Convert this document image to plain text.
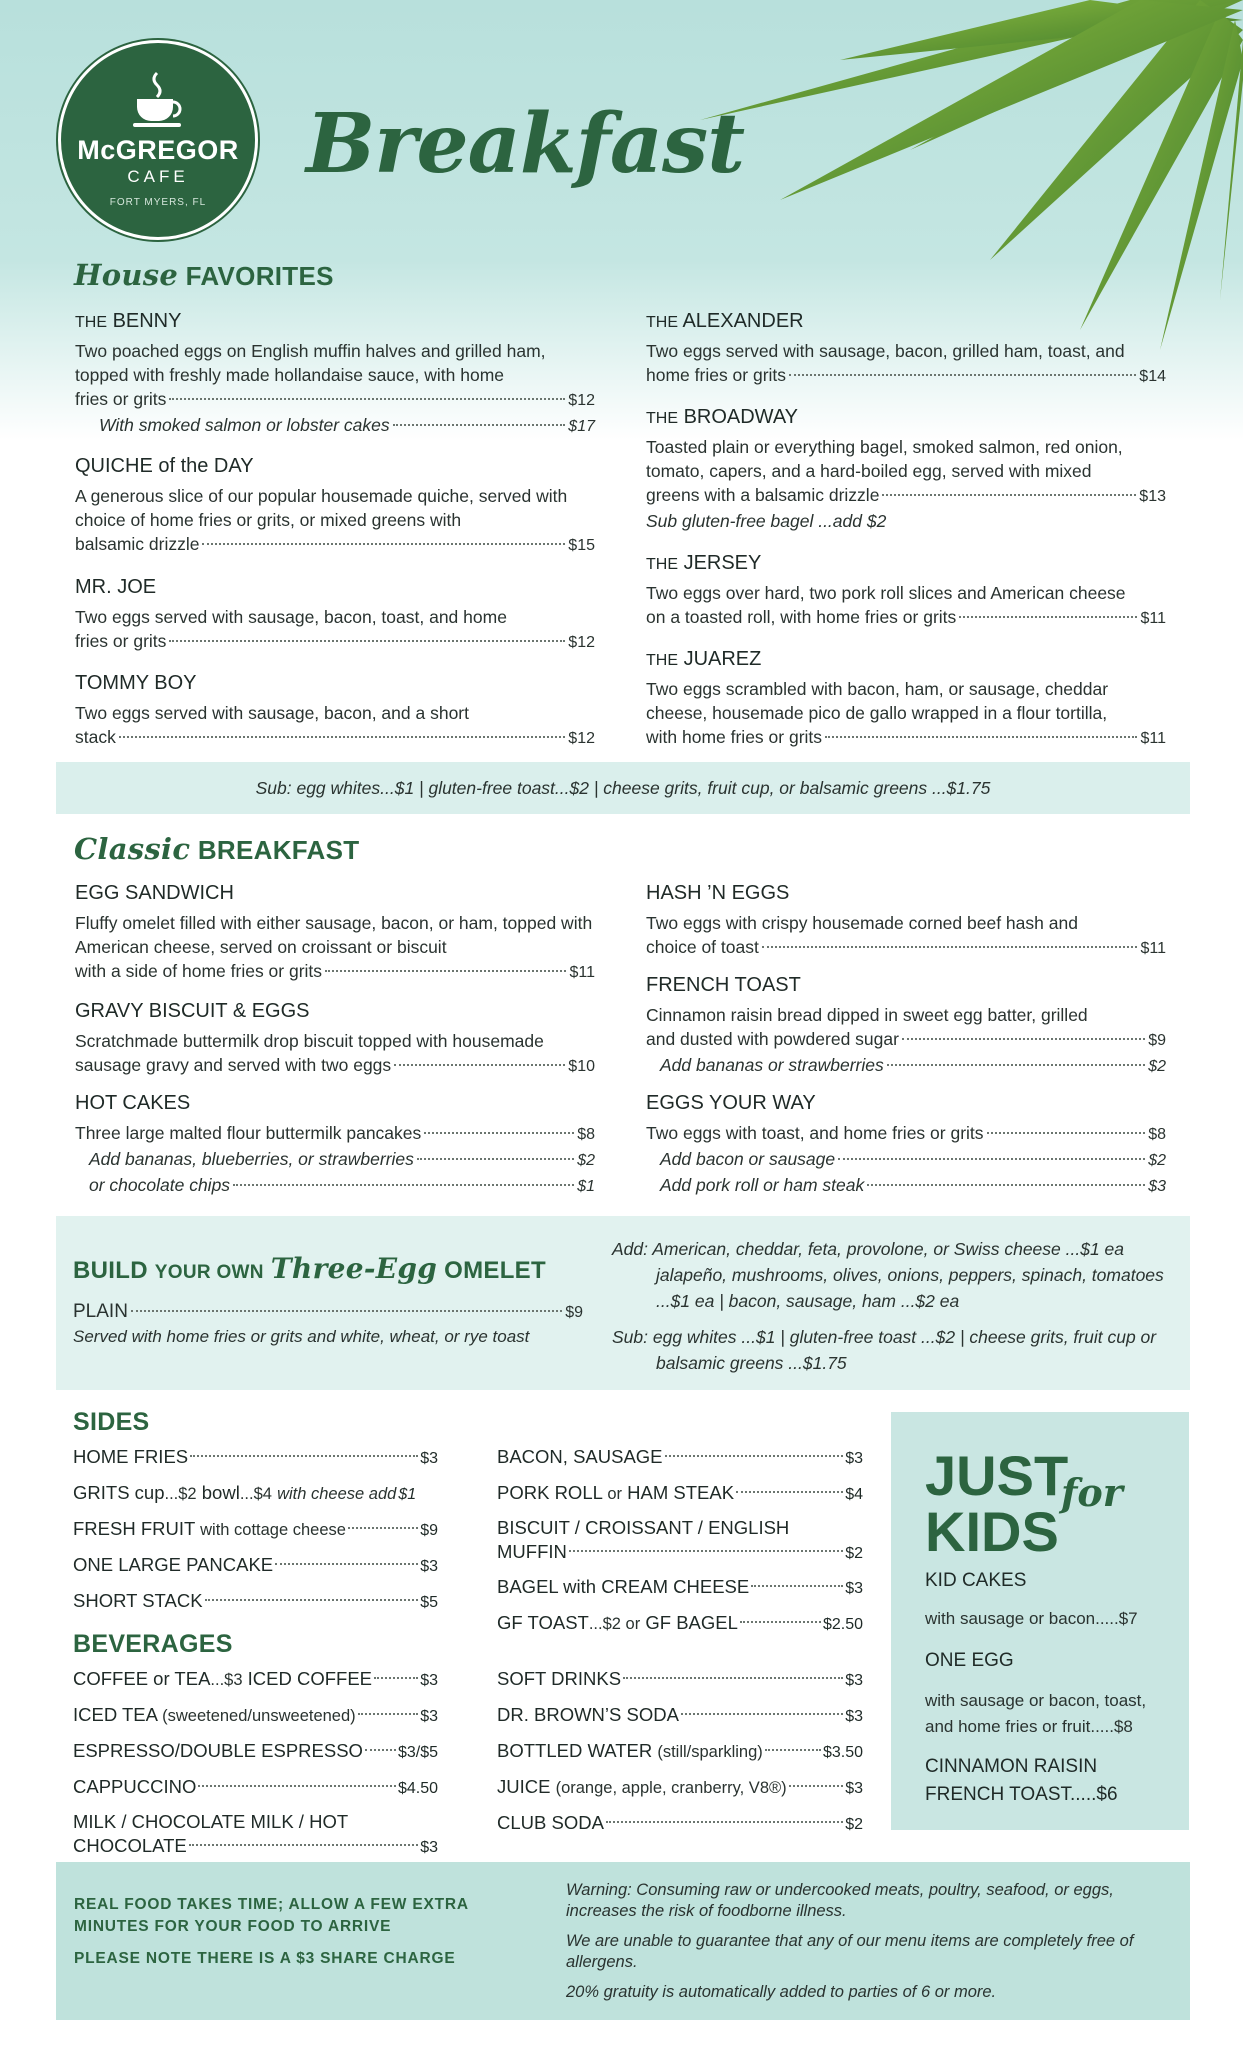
McGREGOR
CAFE
FORT MYERS, FL
Breakfast
House FAVORITES
THE BENNY
Two poached eggs on English muffin halves and grilled ham, topped with freshly made hollandaise sauce, with home
fries or grits	$12
With smoked salmon or lobster cakes	$17
QUICHE of the DAY
A generous slice of our popular housemade quiche, served with choice of home fries or grits, or mixed greens with
balsamic drizzle	$15
MR. JOE
Two eggs served with sausage, bacon, toast, and home
fries or grits	$12
TOMMY BOY
Two eggs served with sausage, bacon, and a short
stack	$12
THE ALEXANDER
Two eggs served with sausage, bacon, grilled ham, toast, and
home fries or grits	$14
THE BROADWAY
Toasted plain or everything bagel, smoked salmon, red onion, tomato, capers, and a hard-boiled egg, served with mixed
greens with a balsamic drizzle	$13
Sub gluten-free bagel ...add $2
THE JERSEY
Two eggs over hard, two pork roll slices and American cheese
on a toasted roll, with home fries or grits	$11
THE JUAREZ
Two eggs scrambled with bacon, ham, or sausage, cheddar cheese, housemade pico de gallo wrapped in a flour tortilla,
with home fries or grits	$11
Sub: egg whites...$1 | gluten-free toast...$2 | cheese grits, fruit cup, or balsamic greens ...$1.75
Classic BREAKFAST
EGG SANDWICH
Fluffy omelet filled with either sausage, bacon, or ham, topped with American cheese, served on croissant or biscuit
with a side of home fries or grits	$11
GRAVY BISCUIT & EGGS
Scratchmade buttermilk drop biscuit topped with housemade
sausage gravy and served with two eggs	$10
HOT CAKES
Three large malted flour buttermilk pancakes	$8
Add bananas, blueberries, or strawberries	$2
or chocolate chips	$1
HASH ’N EGGS
Two eggs with crispy housemade corned beef hash and
choice of toast	$11
FRENCH TOAST
Cinnamon raisin bread dipped in sweet egg batter, grilled
and dusted with powdered sugar	$9
Add bananas or strawberries	$2
EGGS YOUR WAY
Two eggs with toast, and home fries or grits	$8
Add bacon or sausage	$2
Add pork roll or ham steak	$3
BUILD YOUR OWN Three-Egg OMELET
PLAIN	$9
Served with home fries or grits and white, wheat, or rye toast
Add: American, cheddar, feta, provolone, or Swiss cheese ...$1 ea jalapeño, mushrooms, olives, onions, peppers, spinach, tomatoes ...$1 ea | bacon, sausage, ham ...$2 ea
Sub: egg whites ...$1 | gluten-free toast ...$2 | cheese grits, fruit cup or balsamic greens ...$1.75
SIDES
HOME FRIES	$3
GRITS cup...$2 bowl...$4 with cheese add $1
FRESH FRUIT with cottage cheese	$9
ONE LARGE PANCAKE	$3
SHORT STACK	$5
BACON, SAUSAGE	$3
PORK ROLL or HAM STEAK	$4
BISCUIT / CROISSANT / ENGLISH
MUFFIN	$2
BAGEL with CREAM CHEESE	$3
GF TOAST...$2 or GF BAGEL	$2.50
BEVERAGES
COFFEE or TEA...$3 ICED COFFEE	$3
ICED TEA (sweetened/unsweetened)	$3
ESPRESSO/DOUBLE ESPRESSO $3/$5
CAPPUCCINO	$4.50
MILK / CHOCOLATE MILK / HOT
CHOCOLATE	$3
SOFT DRINKS	$3
DR. BROWN’S SODA	$3
BOTTLED WATER (still/sparkling)	$3.50
JUICE (orange, apple, cranberry, V8®)	$3
CLUB SODA	$2
JUST
KIDS
for
KID CAKES
with sausage or bacon.....$7
ONE EGG
with sausage or bacon, toast, and home fries or fruit.....$8
CINNAMON RAISIN
FRENCH TOAST.....$6
REAL FOOD TAKES TIME; ALLOW A FEW EXTRA MINUTES FOR YOUR FOOD TO ARRIVE
PLEASE NOTE THERE IS A $3 SHARE CHARGE

Warning: Consuming raw or undercooked meats, poultry, seafood, or eggs, increases the risk of foodborne illness.

We are unable to guarantee that any of our menu items are completely free of allergens.

20% gratuity is automatically added to parties of 6 or more.
